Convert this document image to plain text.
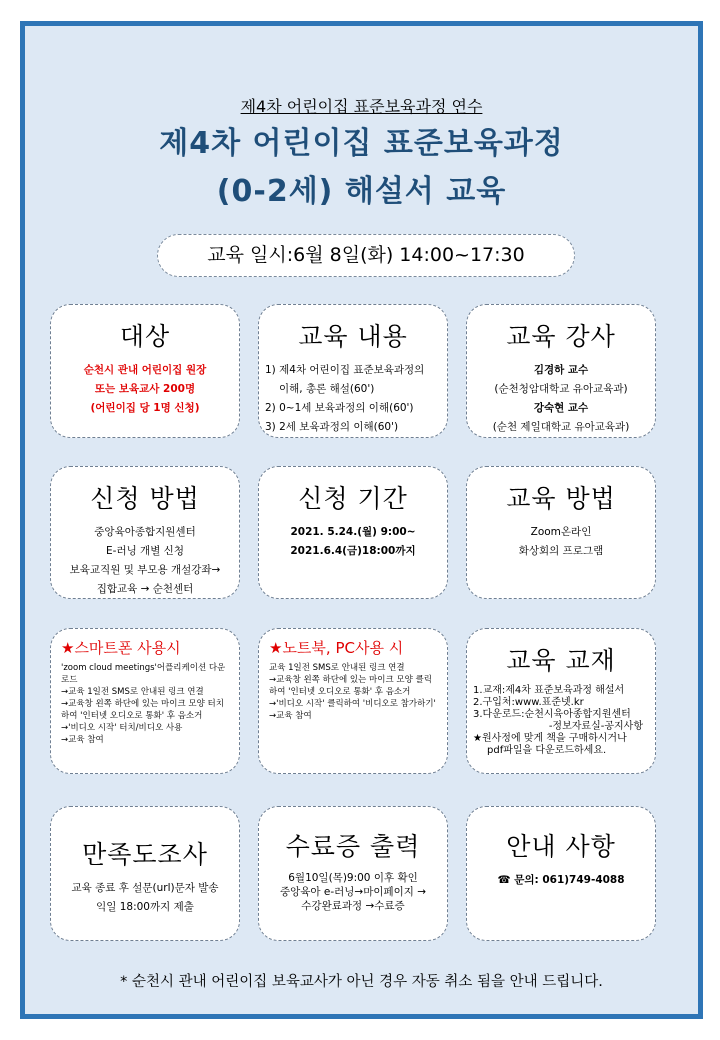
제4차 어린이집 표준보육과정 연수
제4차 어린이집 표준보육과정
(0-2세) 해설서 교육
교육 일시:6월 8일(화) 14:00~17:30
대상

순천시 관내 어린이집 원장

또는 보육교사 200명

(어린이집 당 1명 신청)

교육 내용

1) 제4차 어린이집 표준보육과정의

이해, 총론 해설(60')

2) 0~1세 보육과정의 이해(60')

3) 2세 보육과정의 이해(60')

교육 강사

김경하 교수

(순천청암대학교 유아교육과)

강숙현 교수

(순천 제일대학교 유아교육과)

신청 방법

중앙육아종합지원센터

E-러닝 개별 신청

보육교직원 및 부모용 개설강좌→

집합교육 → 순천센터

신청 기간

2021. 5.24.(월) 9:00~

2021.6.4(금)18:00까지

교육 방법

Zoom온라인

화상회의 프로그램

★스마트폰 사용시

'zoom cloud meetings'어플리케이션 다운로드

→교육 1일전 SMS로 안내된 링크 연결

→교육창 왼쪽 하단에 있는 마이크 모양 터치하여 '인터넷 오디오로 통화' 후 음소거

→'비디오 시작' 터치/비디오 사용

→교육 참여

★노트북, PC사용 시

교육 1일전 SMS로 안내된 링크 연결

→교육창 왼쪽 하단에 있는 마이크 모양 클릭하여 '인터넷 오디오로 통화' 후 음소거

→'비디오 시작' 클릭하여 '비디오로 참가하기'

→교육 참여

교육 교재

1.교재:제4차 표준보육과정 해설서

2.구입처:www.표준넷.kr

3.다운로드:순천시육아종합지원센터

-정보자료실-공지사항

★원사정에 맞게 책을 구매하시거나

pdf파일을 다운로드하세요.

만족도조사

교육 종료 후 설문(url)문자 발송

익일 18:00까지 제출

수료증 출력

6월10일(목)9:00 이후 확인

중앙육아 e-러닝→마이페이지 →

수강완료과정 →수료증

안내 사항

☎ 문의: 061)749-4088

* 순천시 관내 어린이집 보육교사가 아닌 경우 자동 취소 됨을 안내 드립니다.
